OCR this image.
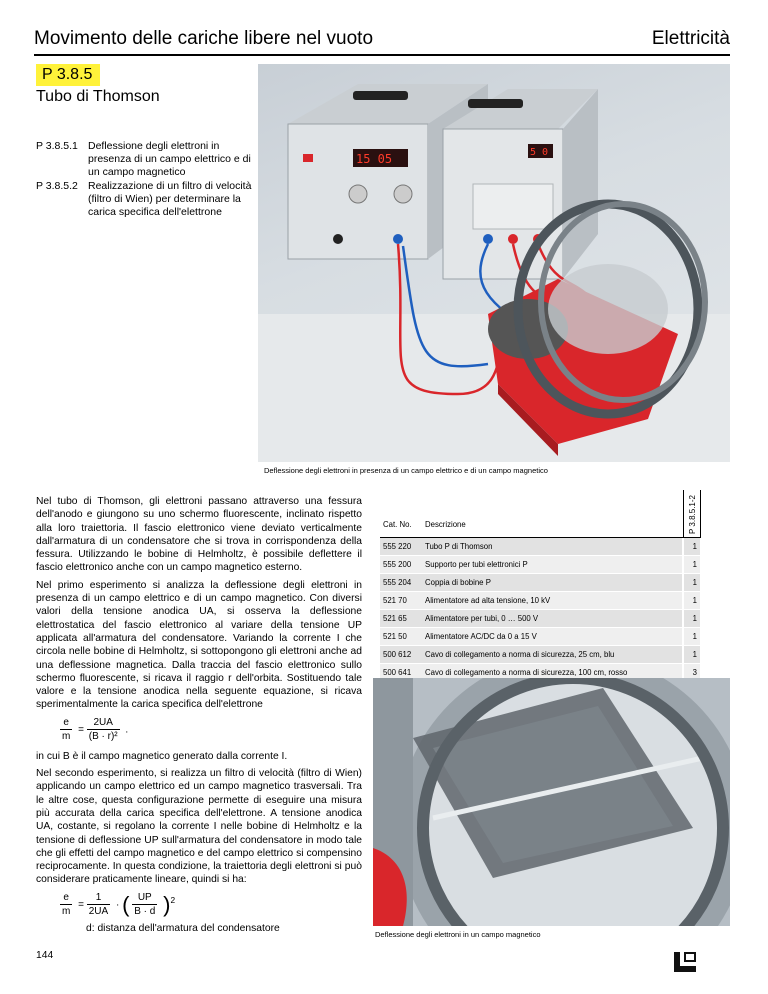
Movimento delle cariche libere nel vuoto	Elettricità
P 3.8.5
Tubo di Thomson
P 3.8.5.1 Deflessione degli elettroni in presenza di un campo elettrico e di un campo magnetico
P 3.8.5.2 Realizzazione di un filtro di velocità (filtro di Wien) per determinare la carica specifica dell'elettrone
15 05	5 0
Deflessione degli elettroni in presenza di un campo elettrico e di un campo magnetico

Nel tubo di Thomson, gli elettroni passano attraverso una fessura dell'anodo e giungono su uno schermo fluorescente, inclinato rispetto alla loro traiettoria. Il fascio elettronico viene deviato verticalmente dall'armatura di un condensatore che si trova in corrispondenza della fessura. Utilizzando le bobine di Helmholtz, è possibile deflettere il fascio elettronico anche con un campo magnetico esterno.

Nel primo esperimento si analizza la deflessione degli elettroni in presenza di un campo elettrico e di un campo magnetico. Con diversi valori della tensione anodica UA, si osserva la deflessione elettrostatica del fascio elettronico al variare della tensione UP applicata all'armatura del condensatore. Variando la corrente I che circola nelle bobine di Helmholtz, si sottopongono gli elettroni anche ad una deflessione magnetica. Dalla traccia del fascio elettronico sullo schermo fluorescente, si ricava il raggio r dell'orbita. Sostituendo tale valore e la tensione anodica nella seguente equazione, si ricava sperimentalmente la carica specifica dell'elettrone

$\frac{e}{m} = \frac{2UA}{\text{(B · r)²}}$ .

in cui B è il campo magnetico generato dalla corrente I.

Nel secondo esperimento, si realizza un filtro di velocità (filtro di Wien) applicando un campo elettrico ed un campo magnetico trasversali. Tra le altre cose, questa configurazione permette di eseguire una misura più accurata della carica specifica dell'elettrone. A tensione anodica UA, costante, si regolano la corrente I nelle bobine di Helmholtz e la tensione di deflessione UP sull'armatura del condensatore in modo tale che gli effetti del campo magnetico e del campo elettrico si compensino reciprocamente. In questa condizione, la traiettoria degli elettroni si può considerare praticamente lineare, quindi si ha:

$\frac{e}{m} = \frac{1}{2UA}$ · ( $\frac{UP}{B \cdot d} )^2$
d: distanza dell'armatura del condensatore
Cat. No. Descrizione	P 3.8.5.1-2
555 220	Tubo P di Thomson	1
555 200	Supporto per tubi elettronici P	1
555 204	Coppia di bobine P	1
521 70	Alimentatore ad alta tensione, 10 kV	1
521 65	Alimentatore per tubi, 0 … 500 V	1
521 50	Alimentatore AC/DC da 0 a 15 V	1
500 612	Cavo di collegamento a norma di sicurezza, 25 cm, blu	1
500 641	Cavo di collegamento a norma di sicurezza, 100 cm, rosso	3

Deflessione degli elettroni in un campo magnetico
144
